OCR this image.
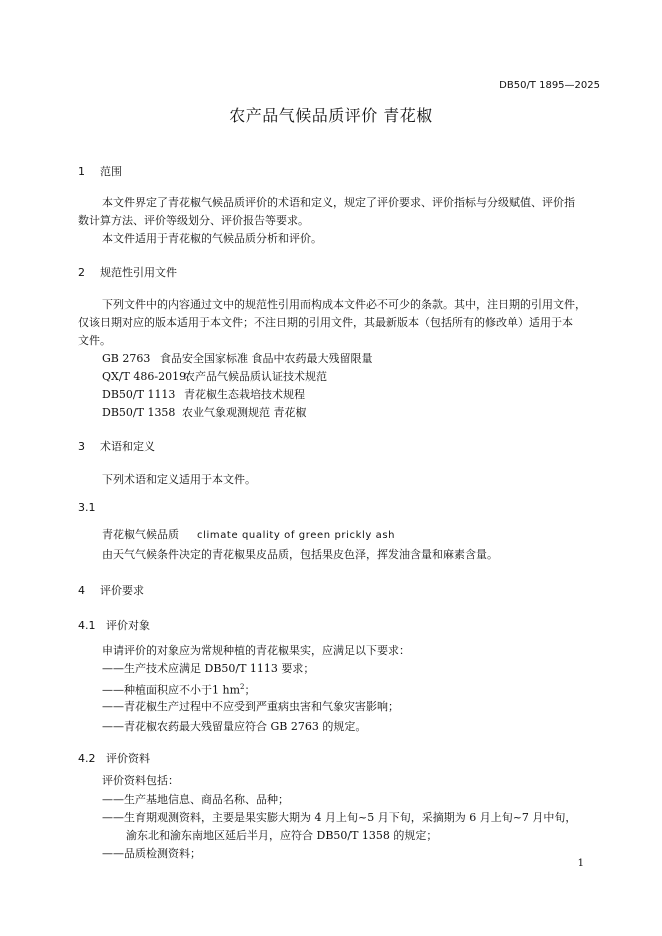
DB50/T 1895—2025
农产品气候品质评价 青花椒
1 范围
本文件界定了青花椒气候品质评价的术语和定义，规定了评价要求、评价指标与分级赋值、评价指
数计算方法、评价等级划分、评价报告等要求。
本文件适用于青花椒的气候品质分析和评价。
2 规范性引用文件
下列文件中的内容通过文中的规范性引用而构成本文件必不可少的条款。其中，注日期的引用文件，
仅该日期对应的版本适用于本文件；不注日期的引用文件，其最新版本（包括所有的修改单）适用于本
文件。
GB 2763 食品安全国家标准 食品中农药最大残留限量
QX/T 486-2019农产品气候品质认证技术规范
DB50/T 1113 青花椒生态栽培技术规程
DB50/T 1358 农业气象观测规范 青花椒
3 术语和定义
下列术语和定义适用于本文件。
3.1
青花椒气候品质 climate quality of green prickly ash
由天气气候条件决定的青花椒果皮品质，包括果皮色泽，挥发油含量和麻素含量。
4 评价要求
4.1 评价对象
申请评价的对象应为常规种植的青花椒果实，应满足以下要求：
——生产技术应满足 DB50/T 1113 要求；
——种植面积应不小于1 $hm^2$；
——青花椒生产过程中不应受到严重病虫害和气象灾害影响；
——青花椒农药最大残留量应符合 GB 2763 的规定。
4.2 评价资料
评价资料包括：
——生产基地信息、商品名称、品种；
——生育期观测资料，主要是果实膨大期为 4 月上旬~5 月下旬，采摘期为 6 月上旬~7 月中旬，
渝东北和渝东南地区延后半月，应符合 DB50/T 1358 的规定；
——品质检测资料；
1
